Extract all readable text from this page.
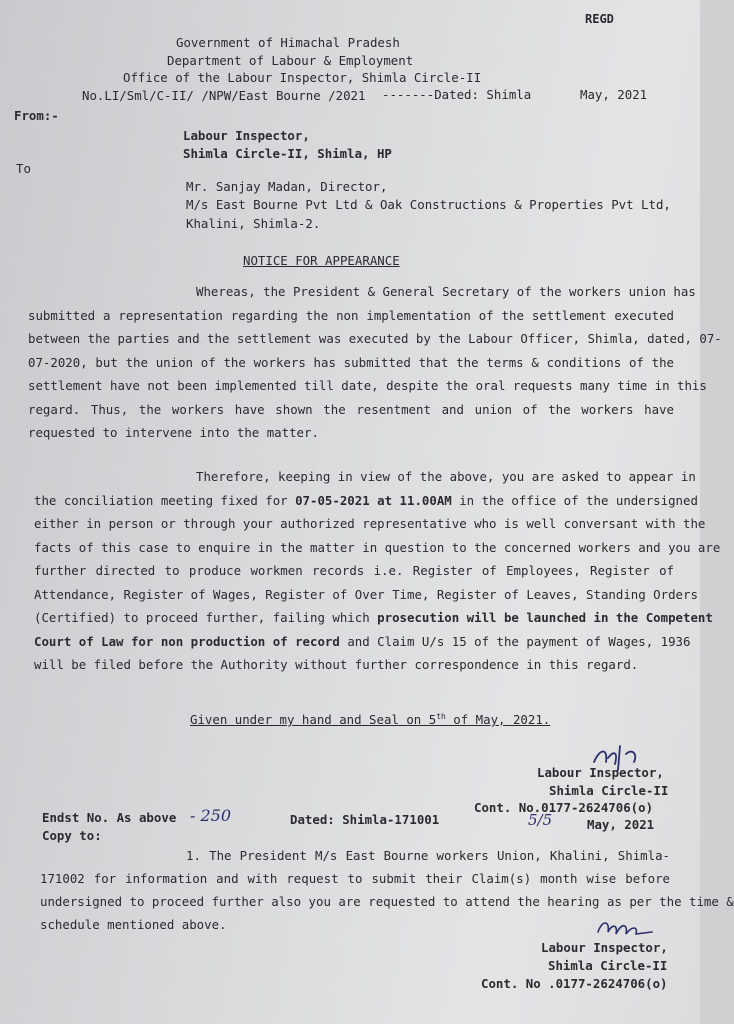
REGD
Government of Himachal Pradesh
Department of Labour & Employment
Office of the Labour Inspector, Shimla Circle-II
No.LI/Sml/C-II/ /NPW/East Bourne /2021 -------Dated: Shimla	May, 2021
From:-
Labour Inspector,
Shimla Circle-II, Shimla, HP
To
Mr. Sanjay Madan, Director,
M/s East Bourne Pvt Ltd & Oak Constructions & Properties Pvt Ltd,
Khalini, Shimla-2.
NOTICE FOR APPEARANCE
Whereas, the President & General Secretary of the workers union has
submitted a representation regarding the non implementation of the settlement executed
between the parties and the settlement was executed by the Labour Officer, Shimla, dated, 07-
07-2020, but the union of the workers has submitted that the terms & conditions of the
settlement have not been implemented till date, despite the oral requests many time in this
regard. Thus, the workers have shown the resentment and union of the workers have
requested to intervene into the matter.
Therefore, keeping in view of the above, you are asked to appear in
the conciliation meeting fixed for 07-05-2021 at 11.00AM in the office of the undersigned
either in person or through your authorized representative who is well conversant with the
facts of this case to enquire in the matter in question to the concerned workers and you are
further directed to produce workmen records i.e. Register of Employees, Register of
Attendance, Register of Wages, Register of Over Time, Register of Leaves, Standing Orders
(Certified) to proceed further, failing which prosecution will be launched in the Competent
Court of Law for non production of record and Claim U/s 15 of the payment of Wages, 1936
will be filed before the Authority without further correspondence in this regard.
Given under my hand and Seal on 5th of May, 2021.
Labour Inspector,
Shimla Circle-II
Cont. No.0177-2624706(o)
May, 2021
Endst No. As above - 250	Dated: Shimla-171001	5/5
Copy to:
1. The President M/s East Bourne workers Union, Khalini, Shimla-
171002 for information and with request to submit their Claim(s) month wise before
undersigned to proceed further also you are requested to attend the hearing as per the time &
schedule mentioned above.
Labour Inspector,
Shimla Circle-II
Cont. No .0177-2624706(o)
